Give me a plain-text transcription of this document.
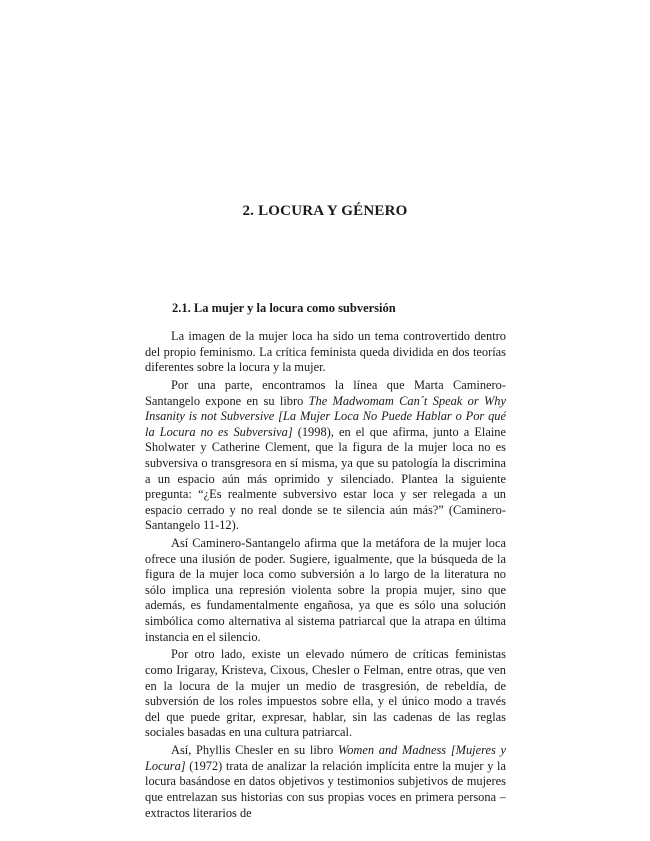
2. LOCURA Y GÉNERO
2.1. La mujer y la locura como subversión

La imagen de la mujer loca ha sido un tema controvertido dentro del propio feminismo. La crítica feminista queda dividida en dos teorías diferentes sobre la locura y la mujer.

Por una parte, encontramos la línea que Marta Caminero-Santangelo expone en su libro The Madwomam Can´t Speak or Why Insanity is not Subversive [La Mujer Loca No Puede Hablar o Por qué la Locura no es Subversiva] (1998), en el que afirma, junto a Elaine Sholwater y Catherine Clement, que la figura de la mujer loca no es subversiva o transgresora en sí misma, ya que su patología la discrimina a un espacio aún más oprimido y silenciado. Plantea la siguiente pregunta: “¿Es realmente subversivo estar loca y ser relegada a un espacio cerrado y no real donde se te silencia aún más?” (Caminero-Santangelo 11-12).

Así Caminero-Santangelo afirma que la metáfora de la mujer loca ofrece una ilusión de poder. Sugiere, igualmente, que la búsqueda de la figura de la mujer loca como subversión a lo largo de la literatura no sólo implica una represión violenta sobre la propia mujer, sino que además, es fundamentalmente engañosa, ya que es sólo una solución simbólica como alternativa al sistema patriarcal que la atrapa en última instancia en el silencio.

Por otro lado, existe un elevado número de críticas feministas como Irigaray, Kristeva, Cixous, Chesler o Felman, entre otras, que ven en la locura de la mujer un medio de trasgresión, de rebeldía, de subversión de los roles impuestos sobre ella, y el único modo a través del que puede gritar, expresar, hablar, sin las cadenas de las reglas sociales basadas en una cultura patriarcal.

Así, Phyllis Chesler en su libro Women and Madness [Mujeres y Locura] (1972) trata de analizar la relación implícita entre la mujer y la locura basándose en datos objetivos y testimonios subjetivos de mujeres que entrelazan sus historias con sus propias voces en primera persona –extractos literarios de
